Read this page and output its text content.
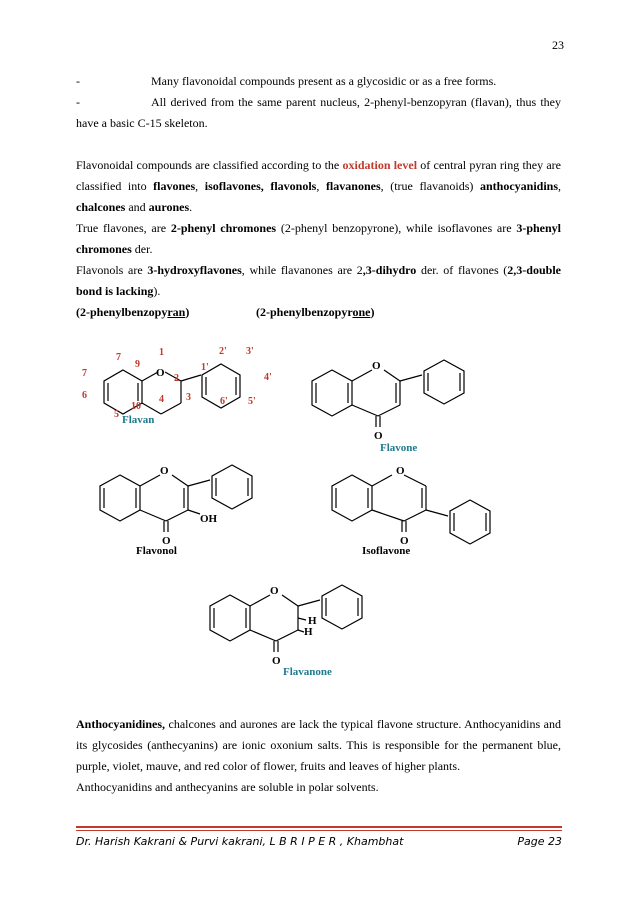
23
-	Many flavonoidal compounds present as a glycosidic or as a free forms.
-	All derived from the same parent nucleus, 2-phenyl-benzopyran (flavan), thus they have a basic C-15 skeleton.

Flavonoidal compounds are classified according to the oxidation level of central pyran ring they are classified into flavones, isoflavones, flavonols, flavanones, (true flavanoids) anthocyanidins, chalcones and aurones.

True flavones, are 2-phenyl chromones (2-phenyl benzopyrone), while isoflavones are 3-phenyl chromones der.

Flavonols are 3-hydroxyflavones, while flavanones are 2,3-dihydro der. of flavones (2,3-double bond is lacking).

(2-phenylbenzopyran)	(2-phenylbenzopyrone)
O
7
9
1
2
3
4
10
5
6
7
1'
2' 3'
4'
5'
6'
Flavan
O
O
Flavone
O
OH
O
Flavonol
O
O
Isoflavone
O
H
H
O
Flavanone

Anthocyanidines, chalcones and aurones are lack the typical flavone structure. Anthocyanidins and its glycosides (anthecyanins) are ionic oxonium salts. This is responsible for the permanent blue, purple, violet, mauve, and red color of flower, fruits and leaves of higher plants.

Anthocyanidins and anthecyanins are soluble in polar solvents.

Dr. Harish Kakrani & Purvi kakrani, L B R I P E R , Khambhat	Page 23
